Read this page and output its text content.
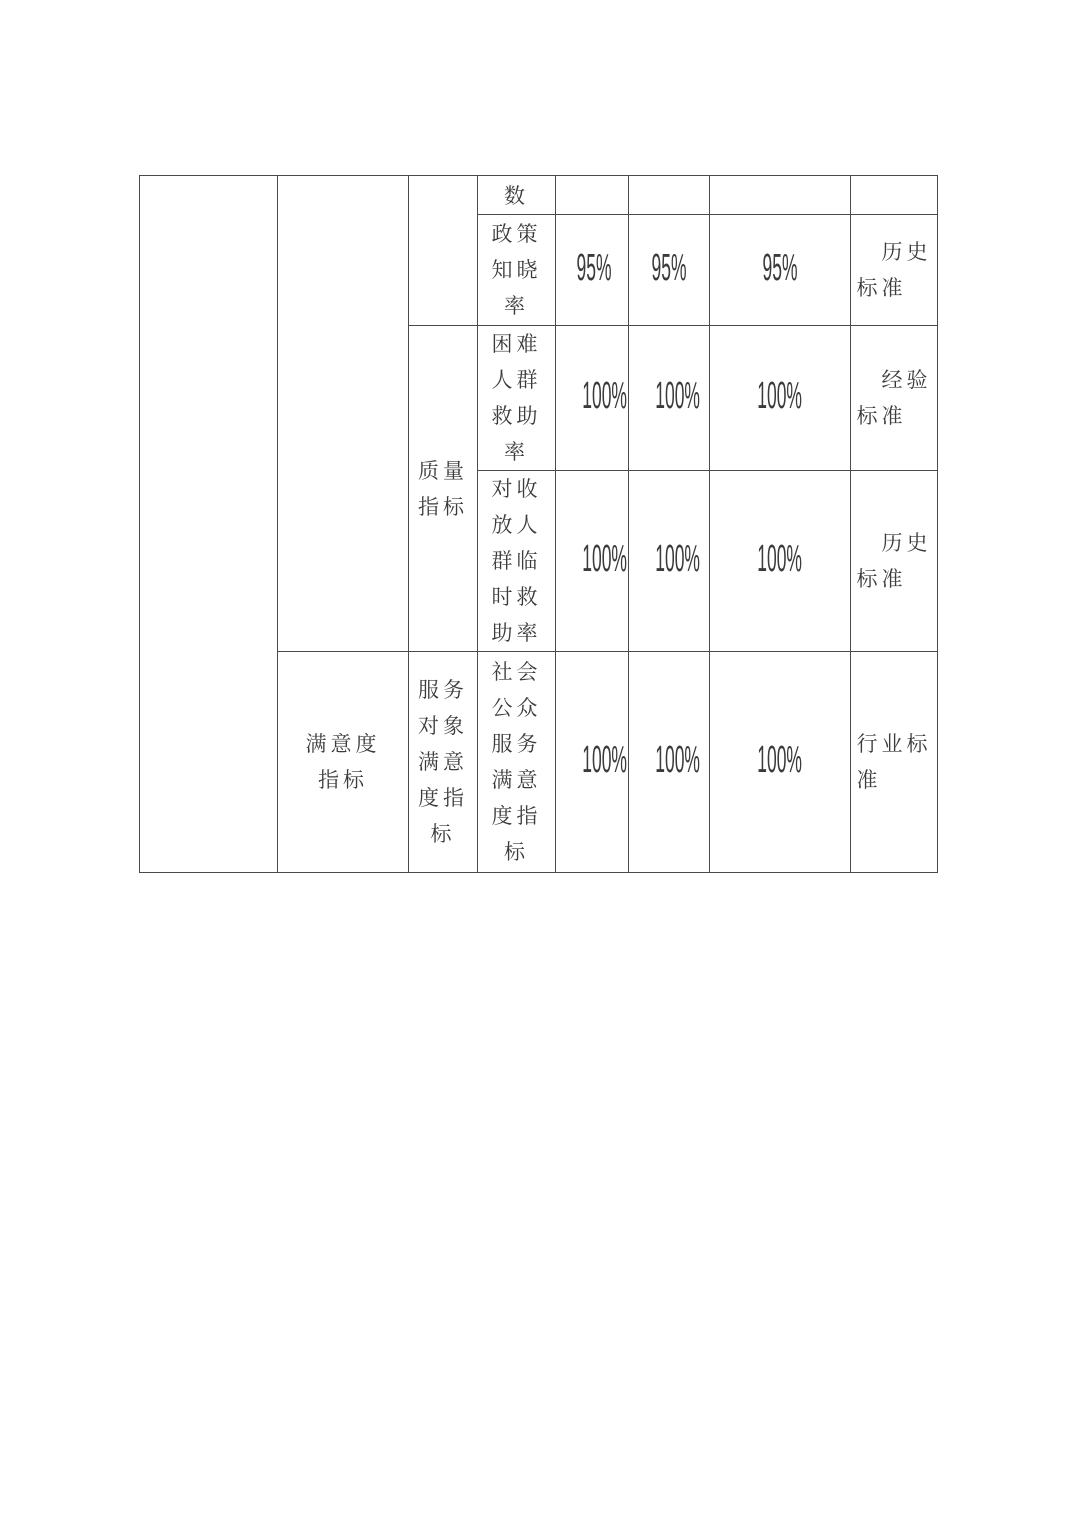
			数				
			政策知晓率	95%	95%	95%	　历史标准
		质量指标	困难人群救助率	100%	100%	100%	　经验标准
			对收放人群临时救助率	100%	100%	100%	　历史标准
	满意度指标	服务对象满意度指标	社会公众服务满意度指标	100%	100%	100%	行业标准
